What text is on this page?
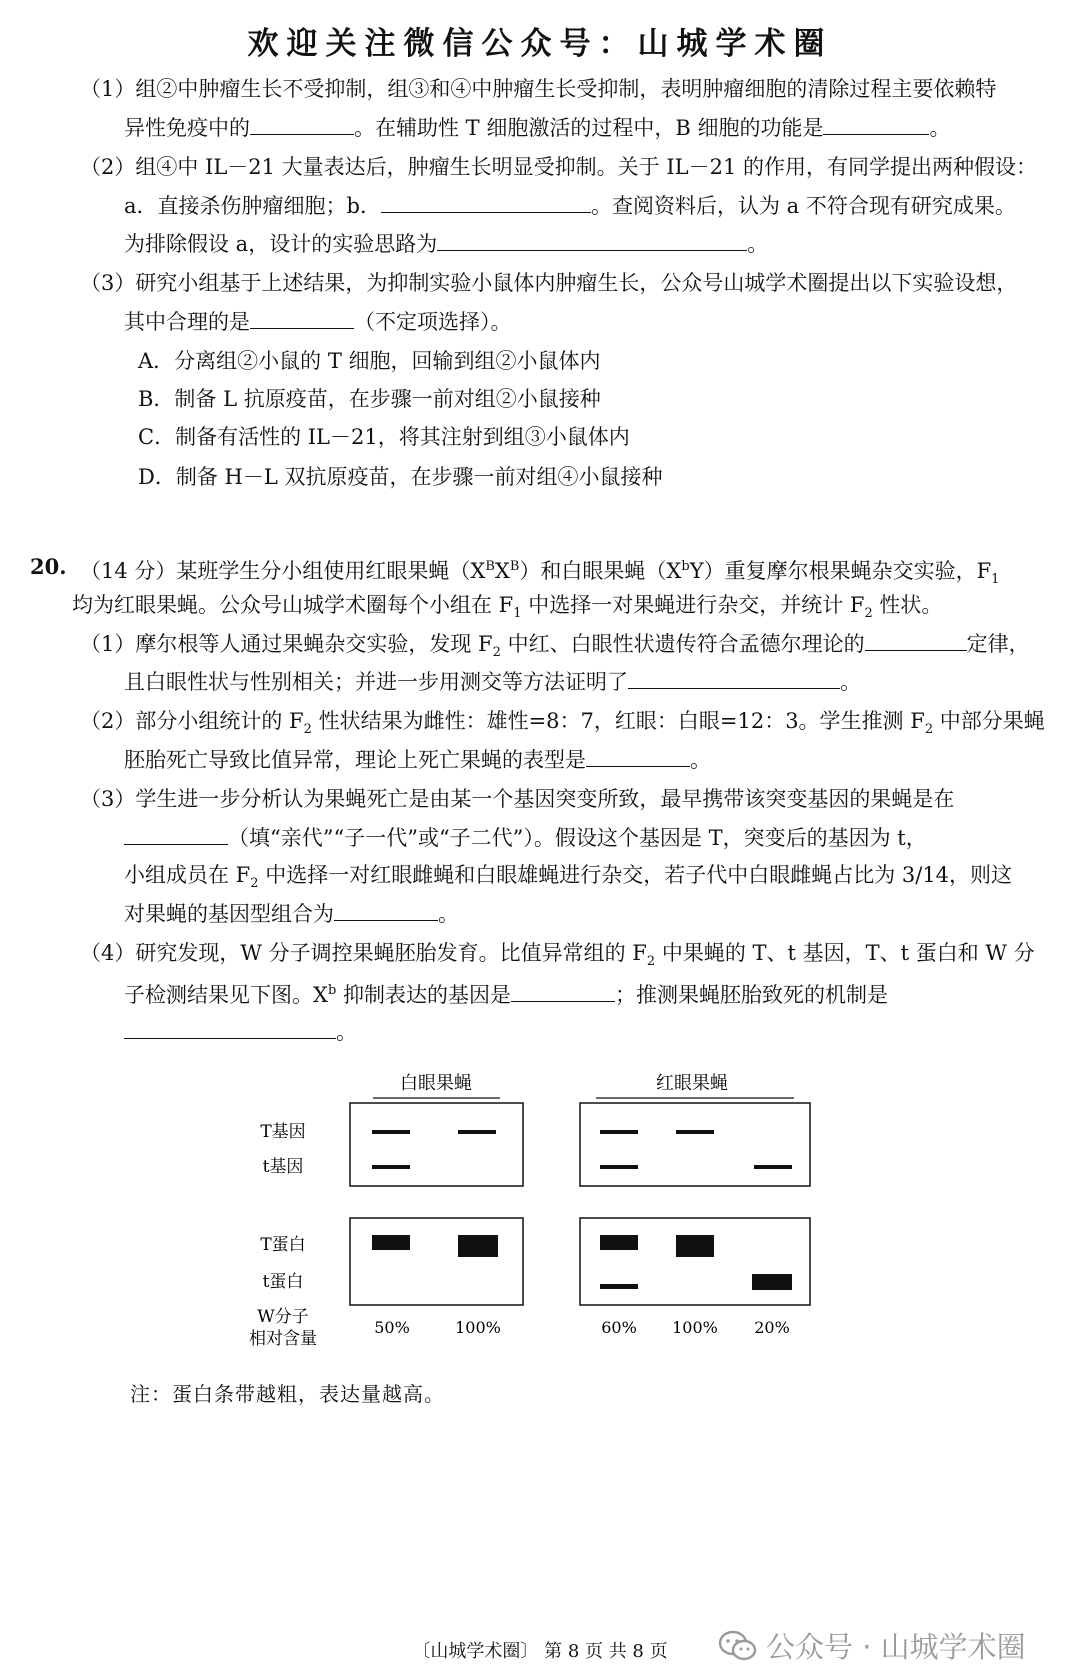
欢迎关注微信公众号：山城学术圈
（1）组②中肿瘤生长不受抑制，组③和④中肿瘤生长受抑制，表明肿瘤细胞的清除过程主要依赖特
异性免疫中的	。在辅助性 T 细胞激活的过程中，B 细胞的功能是	。
（2）组④中 IL－21 大量表达后，肿瘤生长明显受抑制。关于 IL－21 的作用，有同学提出两种假设：
a．直接杀伤肿瘤细胞；b．	。查阅资料后，认为 a 不符合现有研究成果。
为排除假设 a，设计的实验思路为	。
（3）研究小组基于上述结果，为抑制实验小鼠体内肿瘤生长，公众号山城学术圈提出以下实验设想，
其中合理的是	（不定项选择）。
A．分离组②小鼠的 T 细胞，回输到组②小鼠体内
B．制备 L 抗原疫苗，在步骤一前对组②小鼠接种
C．制备有活性的 IL－21，将其注射到组③小鼠体内
D．制备 H－L 双抗原疫苗，在步骤一前对组④小鼠接种
20. （14 分）某班学生分小组使用红眼果蝇$(X^BX^B)$和白眼果蝇$(X^bY)$重复摩尔根果蝇杂交实验，$F_1$
均为红眼果蝇。公众号山城学术圈每个小组在 $F_1$ 中选择一对果蝇进行杂交，并统计 $F_2$ 性状。
（1）摩尔根等人通过果蝇杂交实验，发现 $F_2$ 中红、白眼性状遗传符合孟德尔理论的	定律，
且白眼性状与性别相关；并进一步用测交等方法证明了	。
（2）部分小组统计的 $F_2$ 性状结果为雌性：雄性=8：7，红眼：白眼=12：3。学生推测 $F_2$ 中部分果蝇
胚胎死亡导致比值异常，理论上死亡果蝇的表型是	。
（3）学生进一步分析认为果蝇死亡是由某一个基因突变所致，最早携带该突变基因的果蝇是在
（填“亲代”“子一代”或“子二代”）。假设这个基因是 T，突变后的基因为 t，
小组成员在 $F_2$ 中选择一对红眼雌蝇和白眼雄蝇进行杂交，若子代中白眼雌蝇占比为 3/14，则这
对果蝇的基因型组合为	。
（4）研究发现，W 分子调控果蝇胚胎发育。比值异常组的 $F_2$ 中果蝇的 T、t 基因，T、t 蛋白和 W 分
子检测结果见下图。$X^b$ 抑制表达的基因是	；推测果蝇胚胎致死的机制是
。
白眼果蝇	红眼果蝇
T基因
t基因
T蛋白
t蛋白
W分子
相对含量
50%	100%	60% 100% 20%
注：蛋白条带越粗，表达量越高。
公众号 · 山城学术圈
〔山城学术圈〕 第 8 页 共 8 页
